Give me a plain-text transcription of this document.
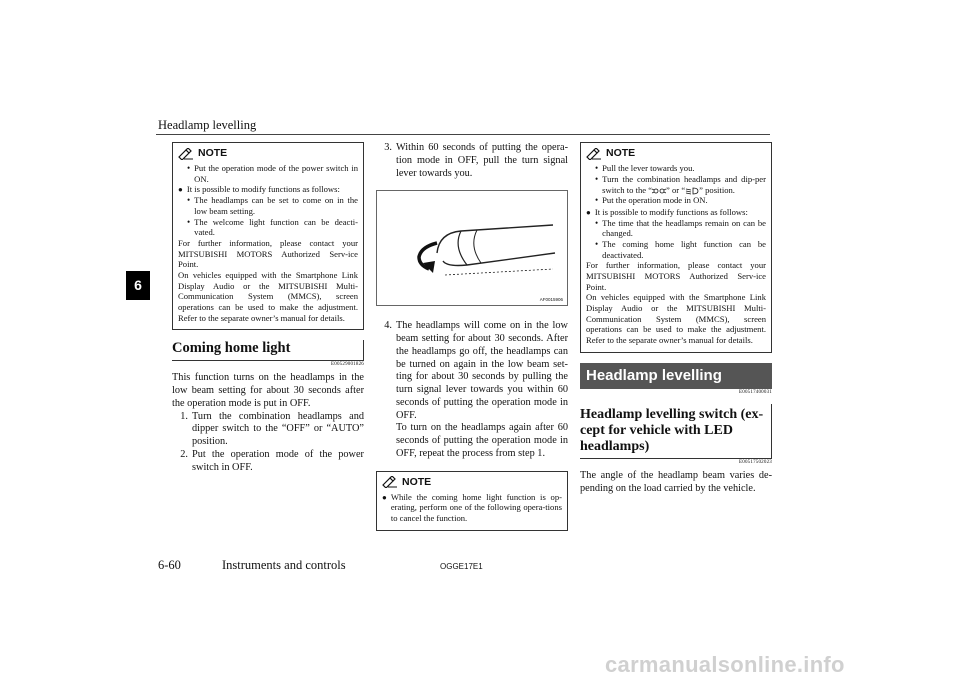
Headlamp levelling
6
NOTE
• Put the operation mode of the power switch in ON.
● It is possible to modify functions as follows:
• The headlamps can be set to come on in the low beam setting.
• The welcome light function can be deacti-vated.

For further information, please contact your MITSUBISHI MOTORS Authorized Serv-ice Point.

On vehicles equipped with the Smartphone Link Display Audio or the MITSUBISHI Multi-Communication System (MMCS), screen operations can be used to make the adjustment. Refer to the separate owner’s manual for details.

Coming home light
E00529001826
This function turns on the headlamps in the low beam setting for about 30 seconds after the operation mode is put in OFF.
1. Turn the combination headlamps and dipper switch to the “OFF” or “AUTO” position.
2. Put the operation mode of the power switch in OFF.
3. Within 60 seconds of putting the opera-tion mode in OFF, pull the turn signal lever towards you.
AF0015906
4. The headlamps will come on in the low beam setting for about 30 seconds. After the headlamps go off, the headlamps can be turned on again in the low beam set-ting for about 30 seconds by pulling the turn signal lever towards you within 60 seconds of putting the operation mode in OFF.
To turn on the headlamps again after 60 seconds of putting the operation mode in OFF, repeat the process from step 1.
NOTE
● While the coming home light function is op-erating, perform one of the following opera-tions to cancel the function.
NOTE
• Pull the lever towards you.
• Turn the combination headlamps and dip-per switch to the “ ” or “ ” position.
• Put the operation mode in ON.
● It is possible to modify functions as follows:
• The time that the headlamps remain on can be changed.
• The coming home light function can be deactivated.

For further information, please contact your MITSUBISHI MOTORS Authorized Serv-ice Point.

On vehicles equipped with the Smartphone Link Display Audio or the MITSUBISHI Multi-Communication System (MMCS), screen operations can be used to make the adjustment. Refer to the separate owner’s manual for details.

Headlamp levelling
E00517400031
Headlamp levelling switch (ex-cept for vehicle with LED headlamps)
E00517502023
The angle of the headlamp beam varies de-pending on the load carried by the vehicle.
6-60	Instruments and controls	OGGE17E1
carmanualsonline.info
